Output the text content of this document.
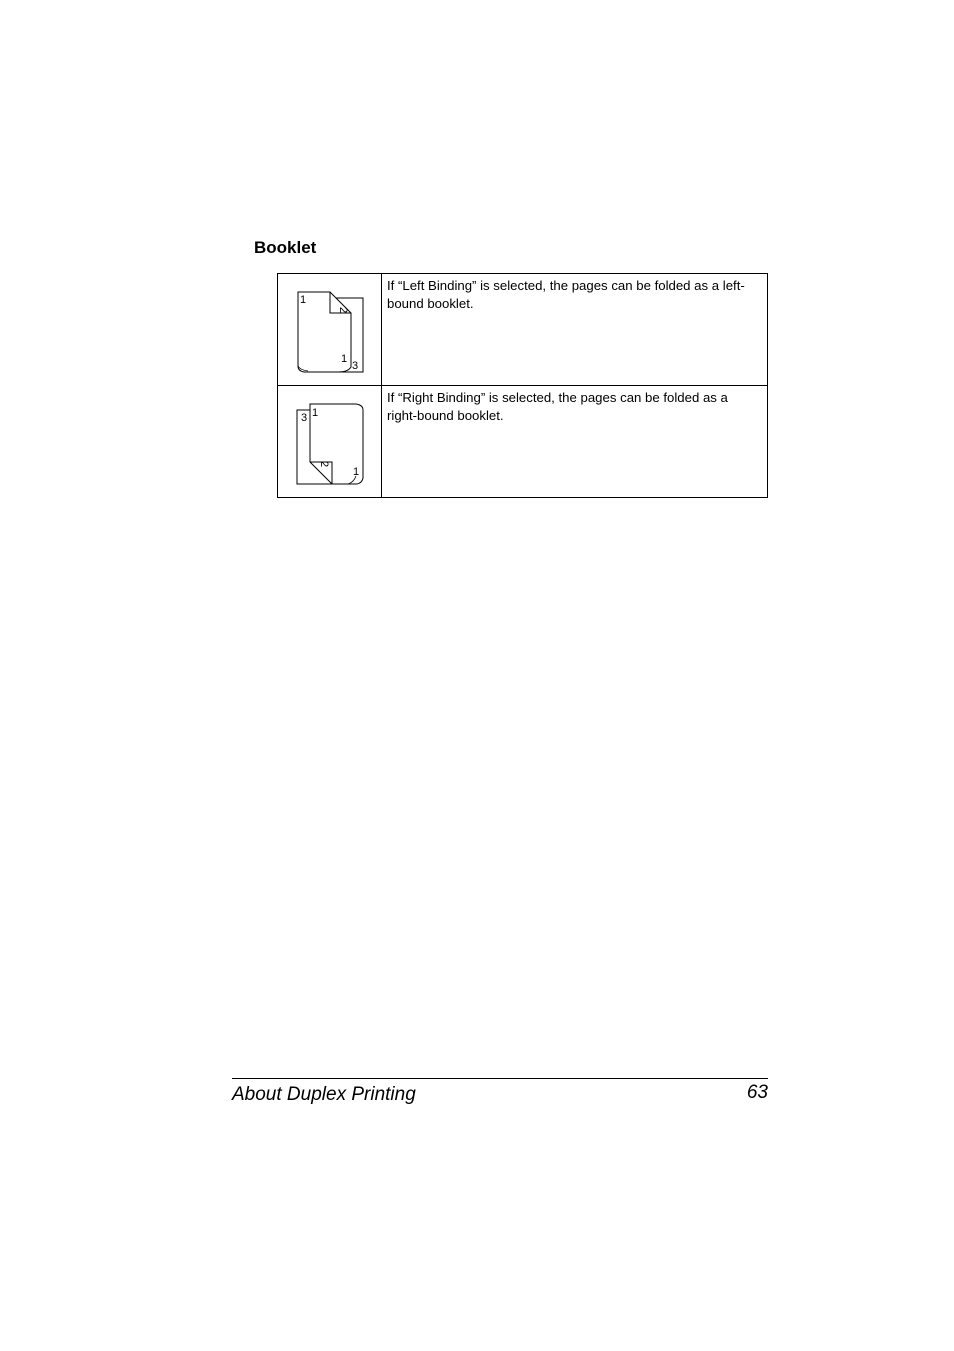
Booklet
1
2
1
3	If “Left Binding” is selected, the pages can be folded as a left-bound booklet.

3 1
2
1	If “Right Binding” is selected, the pages can be folded as a right-bound booklet.
About Duplex Printing	63
